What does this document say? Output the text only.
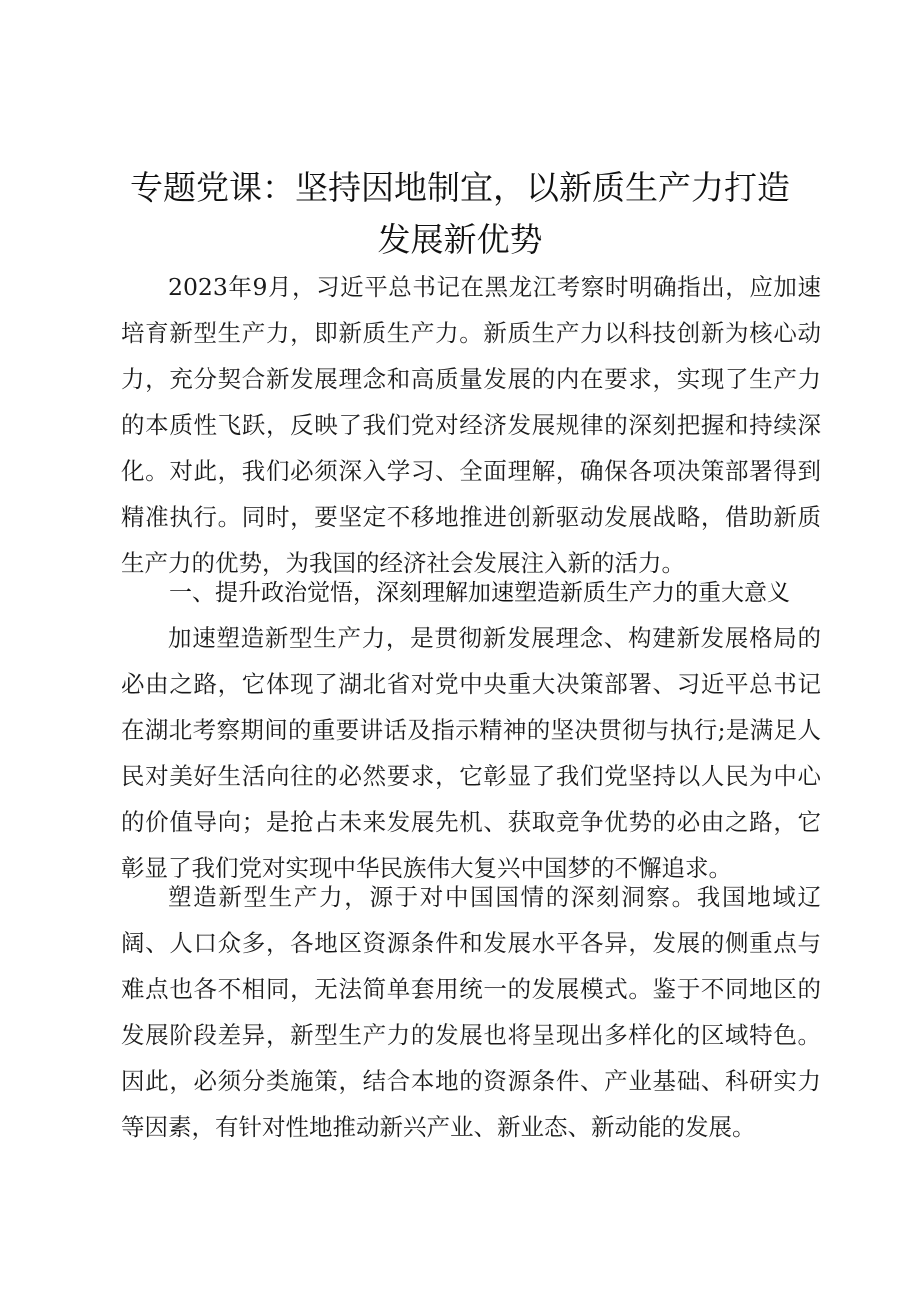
专题党课：坚持因地制宜，以新质生产力打造
发展新优势

2023年9月，习近平总书记在黑龙江考察时明确指出，应加速培育新型生产力，即新质生产力。新质生产力以科技创新为核心动力，充分契合新发展理念和高质量发展的内在要求，实现了生产力的本质性飞跃，反映了我们党对经济发展规律的深刻把握和持续深化。对此，我们必须深入学习、全面理解，确保各项决策部署得到精准执行。同时，要坚定不移地推进创新驱动发展战略，借助新质生产力的优势，为我国的经济社会发展注入新的活力。

一、提升政治觉悟，深刻理解加速塑造新质生产力的重大意义

加速塑造新型生产力，是贯彻新发展理念、构建新发展格局的必由之路，它体现了湖北省对党中央重大决策部署、习近平总书记在湖北考察期间的重要讲话及指示精神的坚决贯彻与执行;是满足人民对美好生活向往的必然要求，它彰显了我们党坚持以人民为中心的价值导向；是抢占未来发展先机、获取竞争优势的必由之路，它彰显了我们党对实现中华民族伟大复兴中国梦的不懈追求。

塑造新型生产力，源于对中国国情的深刻洞察。我国地域辽阔、人口众多，各地区资源条件和发展水平各异，发展的侧重点与难点也各不相同，无法简单套用统一的发展模式。鉴于不同地区的发展阶段差异，新型生产力的发展也将呈现出多样化的区域特色。因此，必须分类施策，结合本地的资源条件、产业基础、科研实力等因素，有针对性地推动新兴产业、新业态、新动能的发展。
